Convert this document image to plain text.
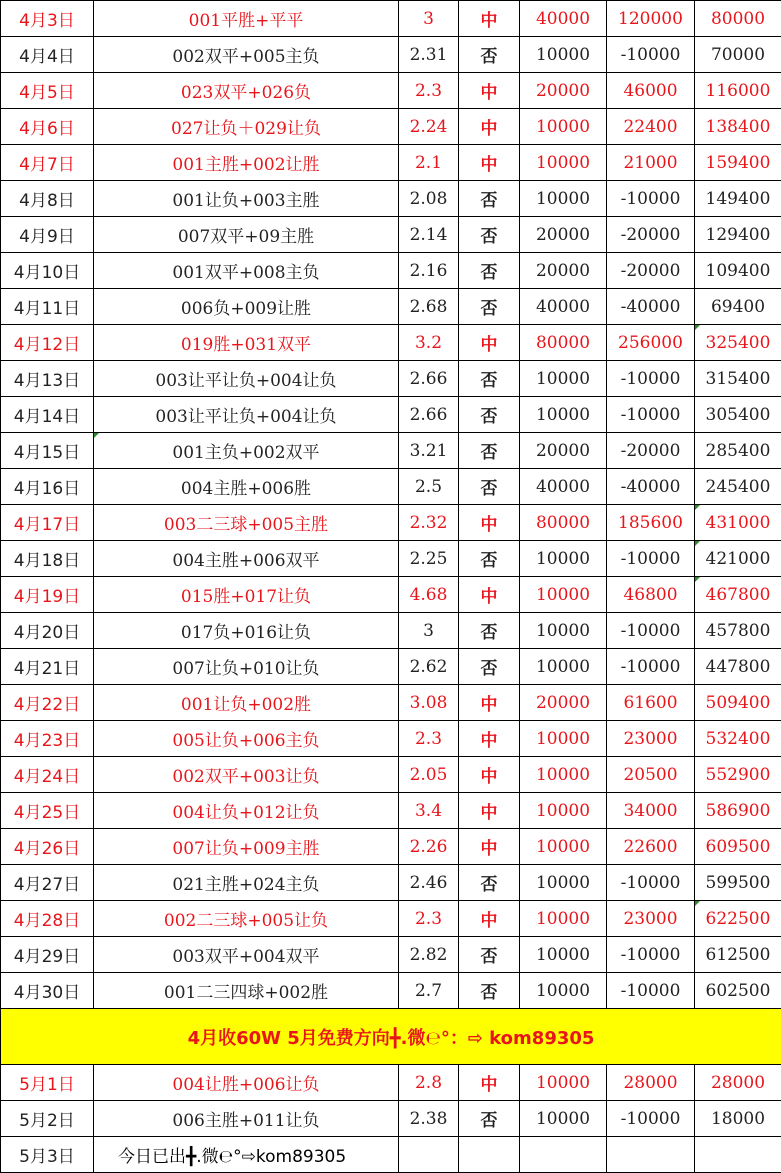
4月3日	001平胜+平平	3	中	40000	120000	80000
4月4日	002双平+005主负	2.31	否	10000	-10000	70000
4月5日	023双平+026负	2.3	中	20000	46000	116000
4月6日	027让负＋029让负	2.24	中	10000	22400	138400
4月7日	001主胜+002让胜	2.1	中	10000	21000	159400
4月8日	001让负+003主胜	2.08	否	10000	-10000	149400
4月9日	007双平+09主胜	2.14	否	20000	-20000	129400
4月10日	001双平+008主负	2.16	否	20000	-20000	109400
4月11日	006负+009让胜	2.68	否	40000	-40000	69400
4月12日	019胜+031双平	3.2	中	80000	256000	325400
4月13日	003让平让负+004让负	2.66	否	10000	-10000	315400
4月14日	003让平让负+004让负	2.66	否	10000	-10000	305400
4月15日	001主负+002双平	3.21	否	20000	-20000	285400
4月16日	004主胜+006胜	2.5	否	40000	-40000	245400
4月17日	003二三球+005主胜	2.32	中	80000	185600	431000
4月18日	004主胜+006双平	2.25	否	10000	-10000	421000
4月19日	015胜+017让负	4.68	中	10000	46800	467800
4月20日	017负+016让负	3	否	10000	-10000	457800
4月21日	007让负+010让负	2.62	否	10000	-10000	447800
4月22日	001让负+002胜	3.08	中	20000	61600	509400
4月23日	005让负+006主负	2.3	中	10000	23000	532400
4月24日	002双平+003让负	2.05	中	10000	20500	552900
4月25日	004让负+012让负	3.4	中	10000	34000	586900
4月26日	007让负+009主胜	2.26	中	10000	22600	609500
4月27日	021主胜+024主负	2.46	否	10000	-10000	599500
4月28日	002二三球+005让负	2.3	中	10000	23000	622500
4月29日	003双平+004双平	2.82	否	10000	-10000	612500
4月30日	001二三四球+002胜	2.7	否	10000	-10000	602500
4月收60W 5月免费方向╋.微℮°：⇨ kom89305						
5月1日	004让胜+006让负	2.8	中	10000	28000	28000
5月2日	006主胜+011让负	2.38	否	10000	-10000	18000
5月3日	今日已出╋.微℮°⇨kom89305					
